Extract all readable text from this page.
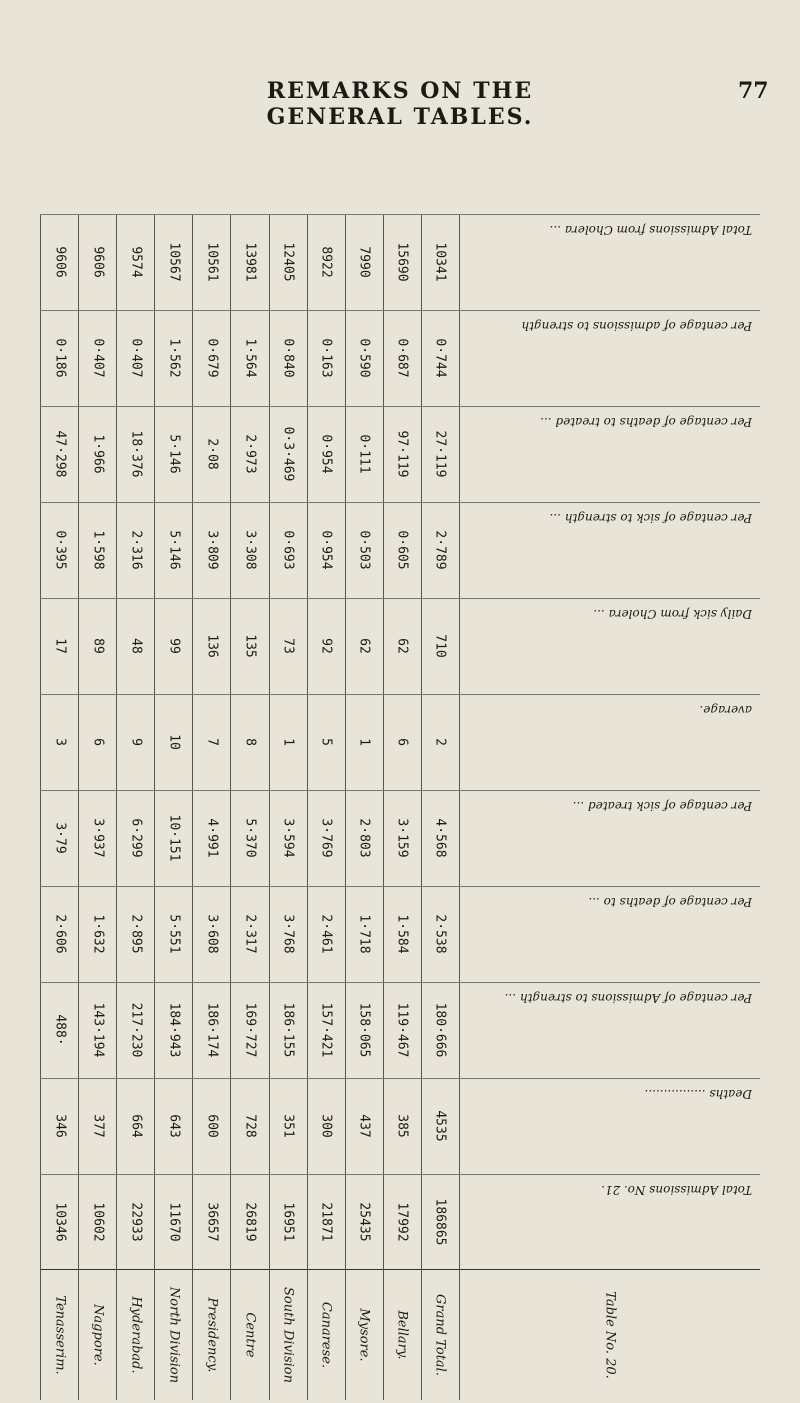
REMARKS ON THE GENERAL TABLES.
77
Table No. 20.
Grand Total.
Bellary.
Mysore.
Canarese.
South Division
Centre
Presidency.
North Division
Hyderabad.
Nagpore.
Tenasserim.
Total Admissions No. 21.
186865
17992
25435
21871
16951
26819
36657
11670
22933
10602
10346
Deaths ................
4535
385
437
300
351
728
600
643
664
377
346
Per centage of Admissions to strength ...
180·666
119·467
158·065
157·421
186·155
169·727
186·174
184·943
217·230
143·194
488·
Per centage of deaths to ...
2·538
1·584
1·718
2·461
3·768
2·317
3·608
5·551
2·895
1·632
2·606
Per centage of sick treated ...
4·568
3·159
2·803
3·769
3·594
5·370
4·991
10·151
6·299
3·937
3·79
average.
2
6
1
5
1
8
7
10
9
6
3
Daily sick from Cholera ...
710
62
62
92
73
135
136
99
48
89
17
Per centage of sick to strength ...
2·789
0·605
0·503
0·954
0·693
3·308
3·809
5·146
2·316
1·598
0·395
Per centage of deaths to treated ...
27·119
97·119
0·111
0·954
0·3·469
2·973
2·08
5·146
18·376
1·966
47·298
Per centage of admissions to strength
0·744
0·687
0·590
0·163
0·840
1·564
0·679
1·562
0·407
0·407
0·186
Total Admissions from Cholera ...
10341
15690
7990
8922
12405
13981
10561
10567
9574
9606
9606
